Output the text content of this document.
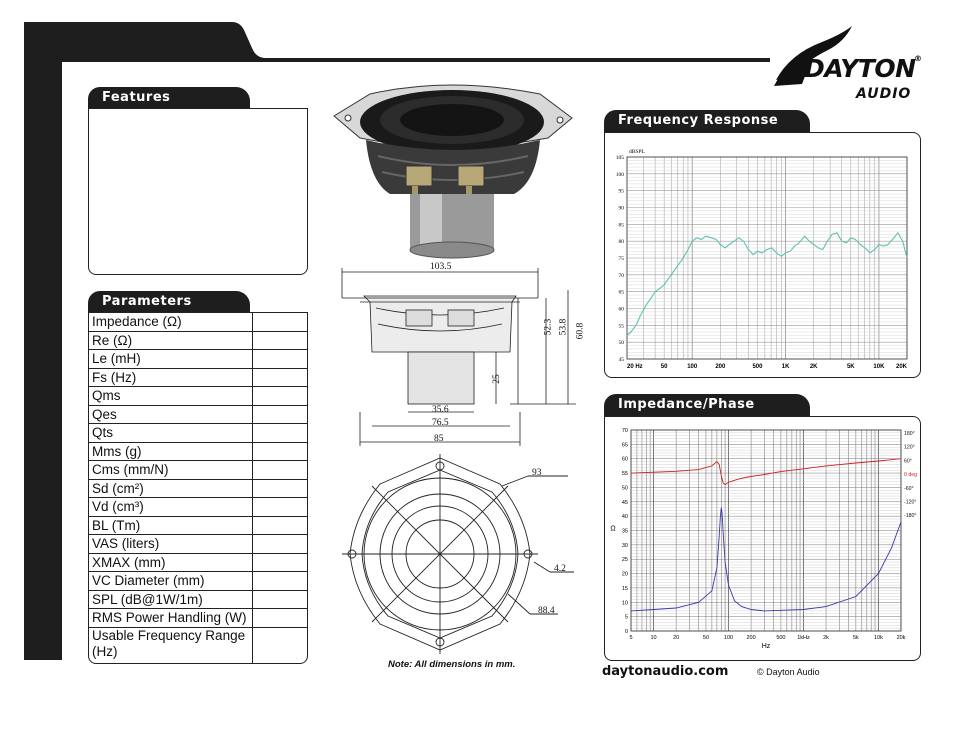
DAYTON
®
AUDIO
Features
Parameters
Impedance (Ω)
Re (Ω)
Le (mH)
Fs (Hz)
Qms
Qes
Qts
Mms (g)
Cms (mm/N)
Sd (cm²)
Vd (cm³)
BL (Tm)
VAS (liters)
XMAX (mm)
VC Diameter (mm)
SPL (dB@1W/1m)
RMS Power Handling (W)
Usable Frequency Range (Hz)
103.5
52.3 53.8 60.8
25
35.6
76.5
85
93
4.2
88.4
Note: All dimensions in mm.
Frequency Response
105
100
95
90
85
80
75
70
65
60
55
50
45
20 Hz	50	100	200	500	1K	2K	5K	10K 20K
dBSPL
Impedance/Phase
70
65
60
55
50
45
40
35
30
25
20
15
10
5
0
180°
120°
60°
0 deg
-60°
-120°
-180°
5	10	20	50	100 200	500 1kHz 2k	5k	10k 20k
Hz
Ω
daytonaudio.com	© Dayton Audio
